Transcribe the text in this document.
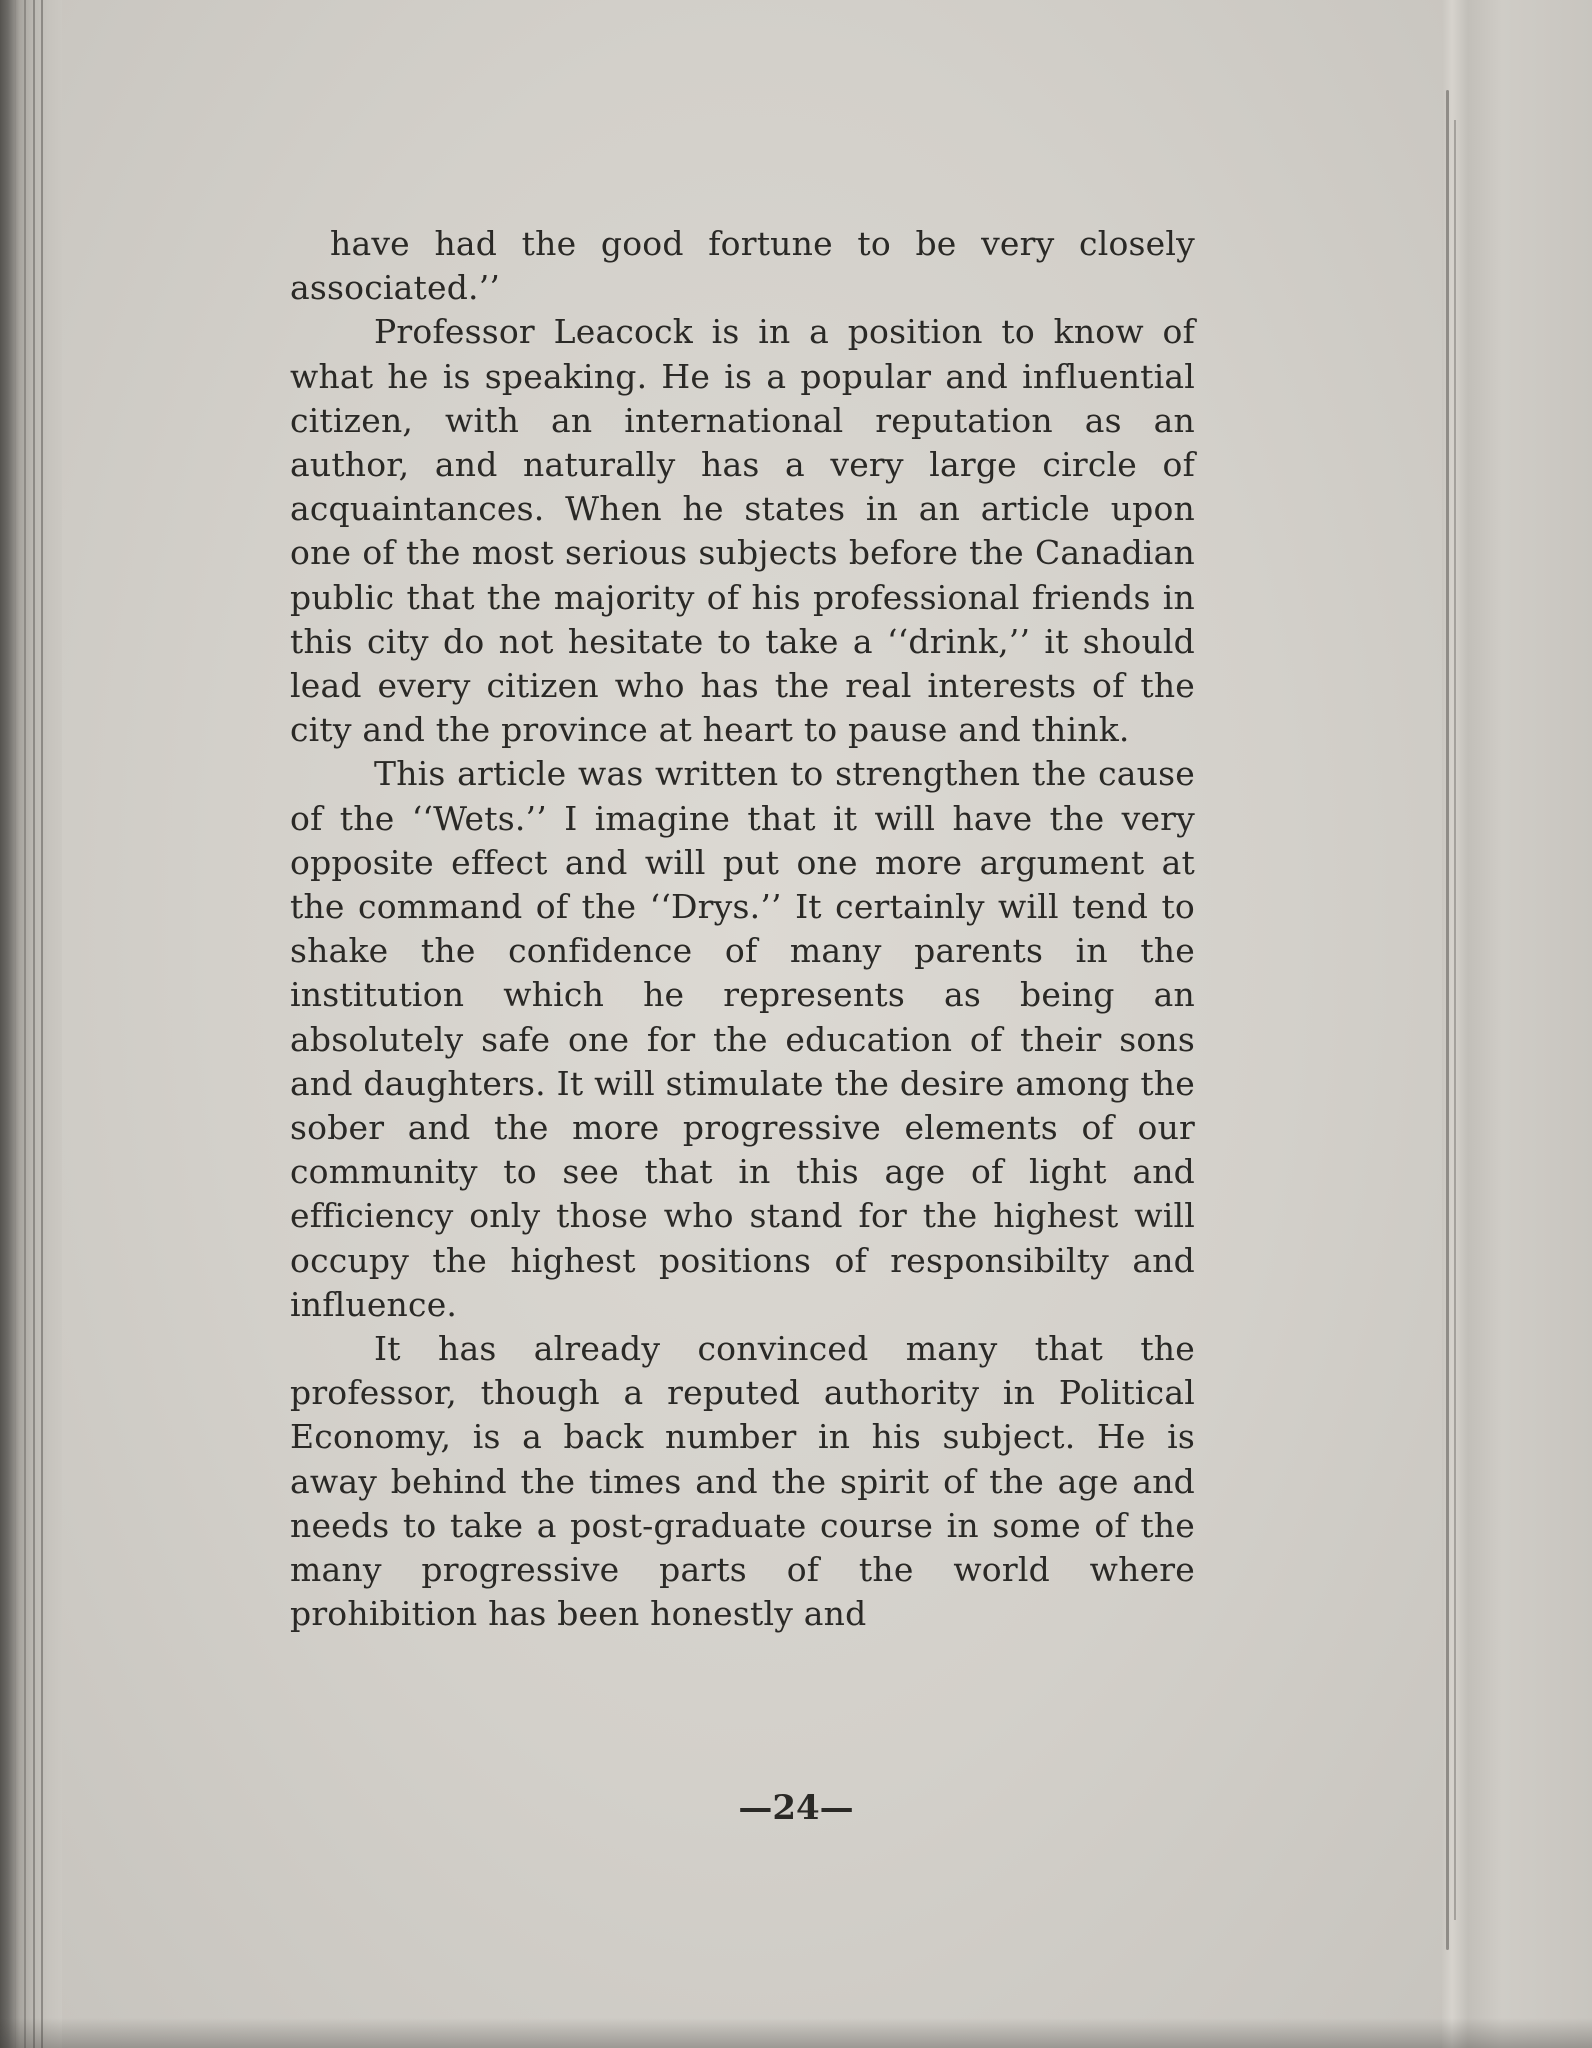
have had the good fortune to be very closely associated.’’

Professor Leacock is in a position to know of what he is speaking. He is a popular and influential citizen, with an international reputation as an author, and naturally has a very large circle of acquaintances. When he states in an article upon one of the most serious subjects before the Canadian public that the majority of his professional friends in this city do not hesitate to take a ‘‘drink,’’ it should lead every citizen who has the real interests of the city and the province at heart to pause and think.

This article was written to strengthen the cause of the ‘‘Wets.’’ I imagine that it will have the very opposite effect and will put one more argument at the command of the ‘‘Drys.’’ It certainly will tend to shake the confidence of many parents in the institution which he represents as being an absolutely safe one for the education of their sons and daughters. It will stimulate the desire among the sober and the more progressive elements of our community to see that in this age of light and efficiency only those who stand for the highest will occupy the highest positions of responsibilty and influence.

It has already convinced many that the professor, though a reputed authority in Political Economy, is a back number in his subject. He is away behind the times and the spirit of the age and needs to take a post-graduate course in some of the many progressive parts of the world where prohibition has been honestly and

—24—
